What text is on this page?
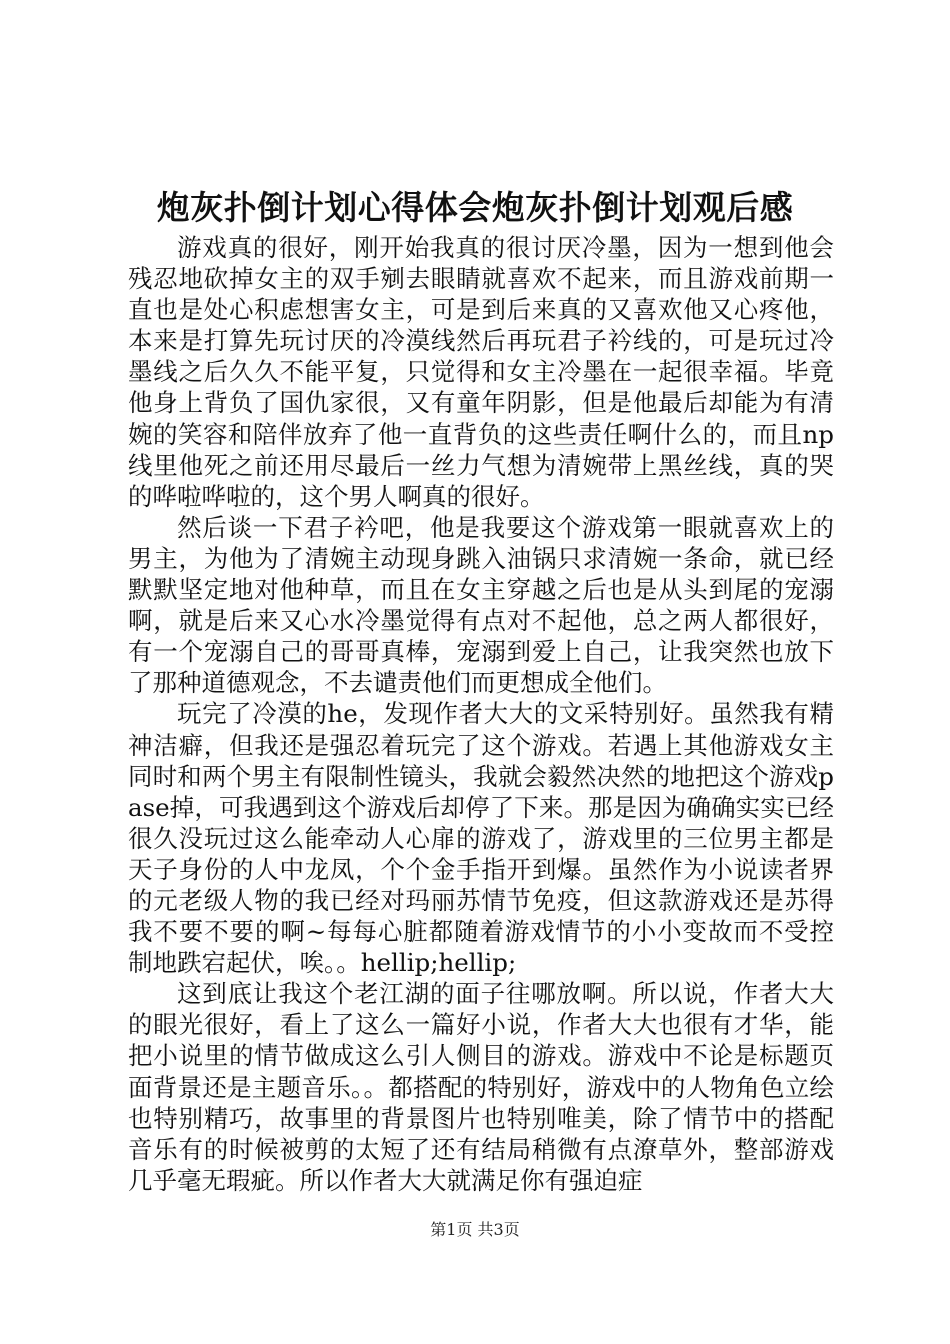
炮灰扑倒计划心得体会炮灰扑倒计划观后感

游戏真的很好，刚开始我真的很讨厌冷墨，因为一想到他会残忍地砍掉女主的双手剜去眼睛就喜欢不起来，而且游戏前期一直也是处心积虑想害女主，可是到后来真的又喜欢他又心疼他，本来是打算先玩讨厌的冷漠线然后再玩君子衿线的，可是玩过冷墨线之后久久不能平复，只觉得和女主冷墨在一起很幸福。毕竟他身上背负了国仇家很，又有童年阴影，但是他最后却能为有清婉的笑容和陪伴放弃了他一直背负的这些责任啊什么的，而且np线里他死之前还用尽最后一丝力气想为清婉带上黑丝线，真的哭的哗啦哗啦的，这个男人啊真的很好。

然后谈一下君子衿吧，他是我要这个游戏第一眼就喜欢上的男主，为他为了清婉主动现身跳入油锅只求清婉一条命，就已经默默坚定地对他种草，而且在女主穿越之后也是从头到尾的宠溺啊，就是后来又心水冷墨觉得有点对不起他，总之两人都很好，有一个宠溺自己的哥哥真棒，宠溺到爱上自己，让我突然也放下了那种道德观念，不去谴责他们而更想成全他们。

玩完了冷漠的he，发现作者大大的文采特别好。虽然我有精神洁癖，但我还是强忍着玩完了这个游戏。若遇上其他游戏女主同时和两个男主有限制性镜头，我就会毅然决然的地把这个游戏pase掉，可我遇到这个游戏后却停了下来。那是因为确确实实已经很久没玩过这么能牵动人心扉的游戏了，游戏里的三位男主都是天子身份的人中龙凤，个个金手指开到爆。虽然作为小说读者界的元老级人物的我已经对玛丽苏情节免疫，但这款游戏还是苏得我不要不要的啊~每每心脏都随着游戏情节的小小变故而不受控制地跌宕起伏，唉。。hellip;hellip;

这到底让我这个老江湖的面子往哪放啊。所以说，作者大大的眼光很好，看上了这么一篇好小说，作者大大也很有才华，能把小说里的情节做成这么引人侧目的游戏。游戏中不论是标题页面背景还是主题音乐。。都搭配的特别好，游戏中的人物角色立绘也特别精巧，故事里的背景图片也特别唯美，除了情节中的搭配音乐有的时候被剪的太短了还有结局稍微有点潦草外，整部游戏几乎毫无瑕疵。所以作者大大就满足你有强迫症

第1页 共3页
